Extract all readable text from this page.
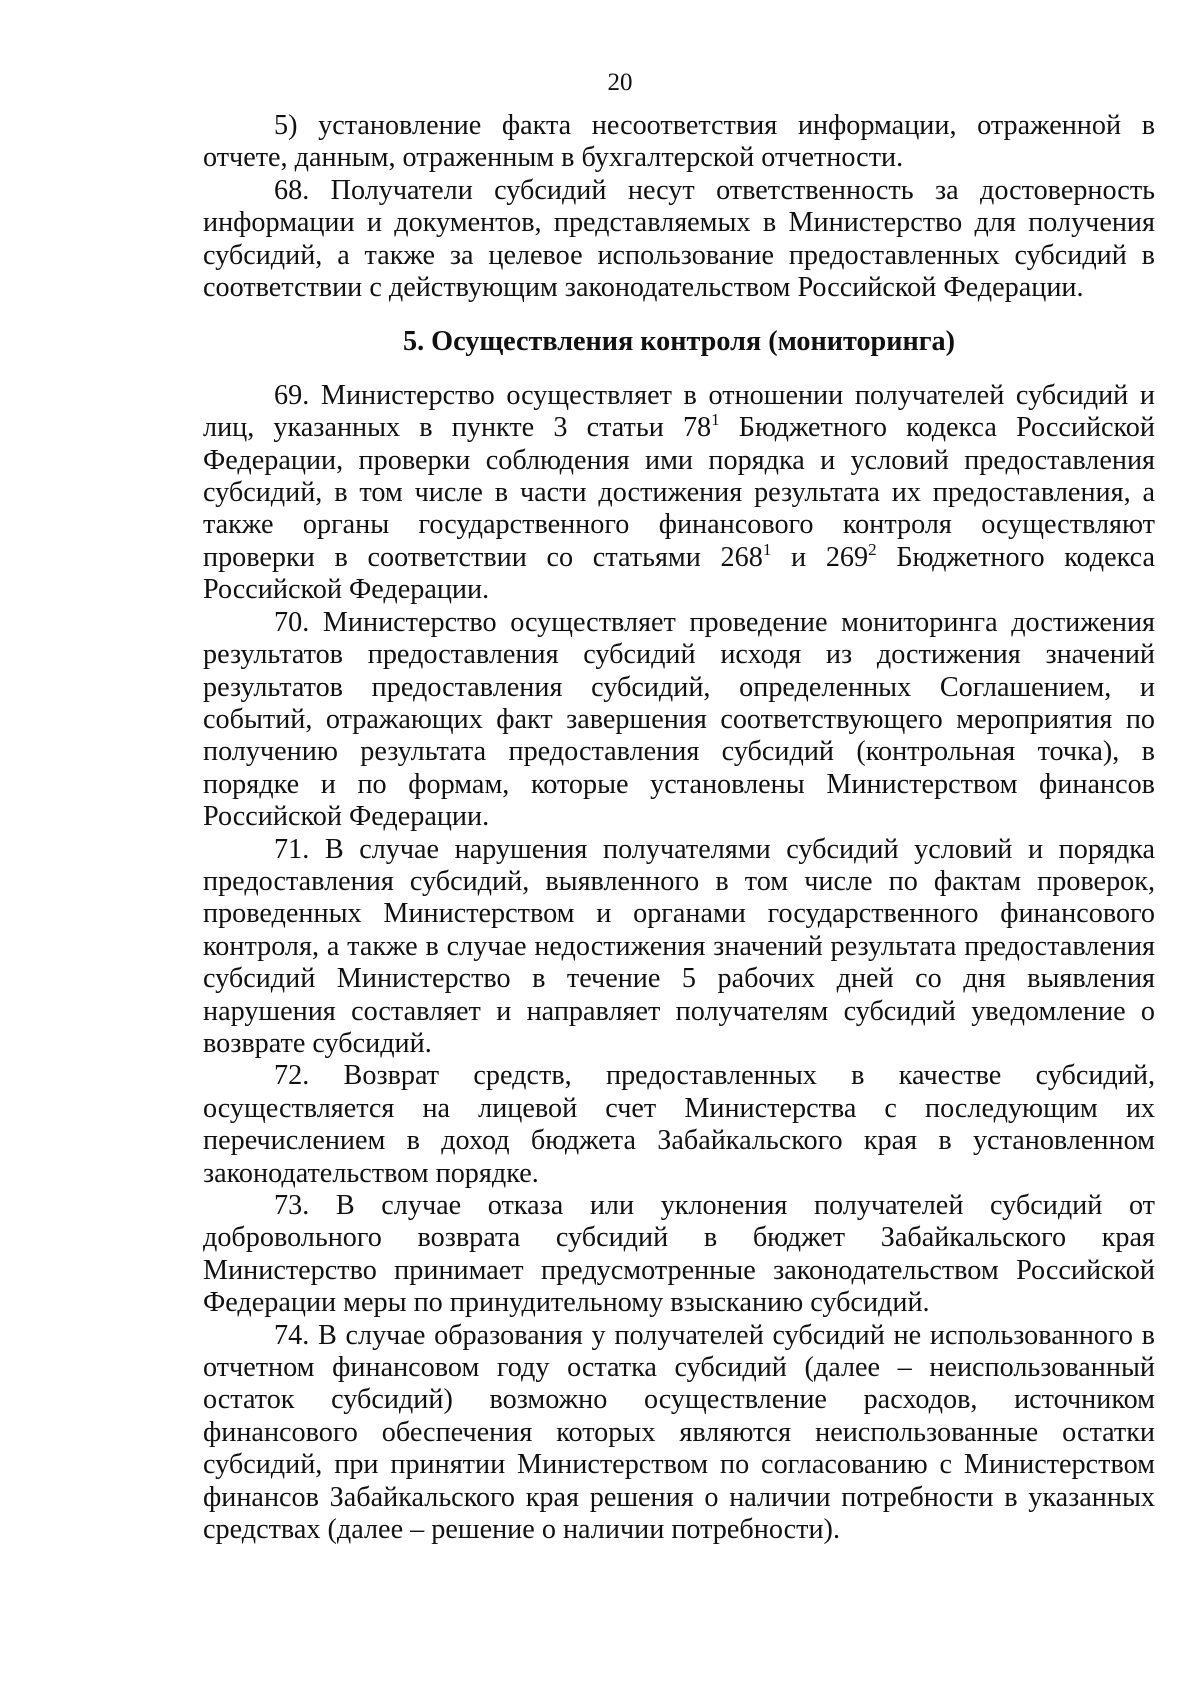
20

5) установление факта несоответствия информации, отраженной в отчете, данным, отраженным в бухгалтерской отчетности.

68. Получатели субсидий несут ответственность за достоверность информации и документов, представляемых в Министерство для получения субсидий, а также за целевое использование предоставленных субсидий в соответствии с действующим законодательством Российской Федерации.

5. Осуществления контроля (мониторинга)

69. Министерство осуществляет в отношении получателей субсидий и лиц, указанных в пункте 3 статьи $78^1$ Бюджетного кодекса Российской Федерации, проверки соблюдения ими порядка и условий предоставления субсидий, в том числе в части достижения результата их предоставления, а также органы государственного финансового контроля осуществляют проверки в соответствии со статьями $268^1$ и $269^2$ Бюджетного кодекса Российской Федерации.

70. Министерство осуществляет проведение мониторинга достижения результатов предоставления субсидий исходя из достижения значений результатов предоставления субсидий, определенных Соглашением, и событий, отражающих факт завершения соответствующего мероприятия по получению результата предоставления субсидий (контрольная точка), в порядке и по формам, которые установлены Министерством финансов Российской Федерации.

71. В случае нарушения получателями субсидий условий и порядка предоставления субсидий, выявленного в том числе по фактам проверок, проведенных Министерством и органами государственного финансового контроля, а также в случае недостижения значений результата предоставления субсидий Министерство в течение 5 рабочих дней со дня выявления нарушения составляет и направляет получателям субсидий уведомление о возврате субсидий.

72. Возврат средств, предоставленных в качестве субсидий, осуществляется на лицевой счет Министерства с последующим их перечислением в доход бюджета Забайкальского края в установленном законодательством порядке.

73. В случае отказа или уклонения получателей субсидий от добровольного возврата субсидий в бюджет Забайкальского края Министерство принимает предусмотренные законодательством Российской Федерации меры по принудительному взысканию субсидий.

74. В случае образования у получателей субсидий не использованного в отчетном финансовом году остатка субсидий (далее – неиспользованный остаток субсидий) возможно осуществление расходов, источником финансового обеспечения которых являются неиспользованные остатки субсидий, при принятии Министерством по согласованию с Министерством финансов Забайкальского края решения о наличии потребности в указанных средствах (далее – решение о наличии потребности).
